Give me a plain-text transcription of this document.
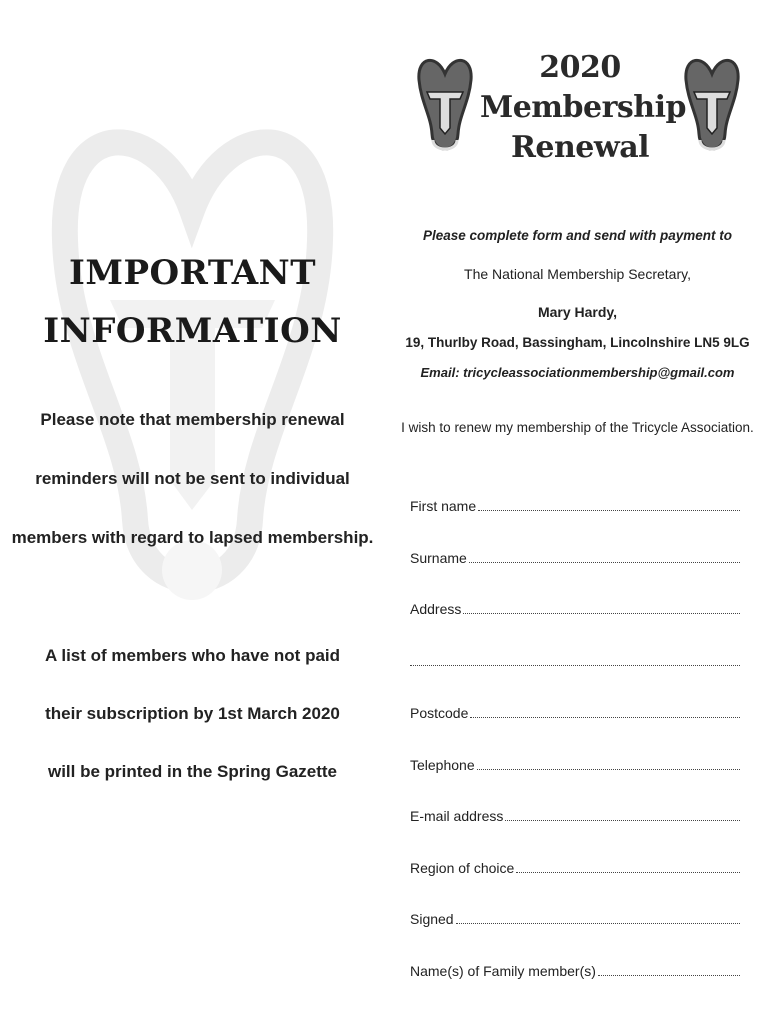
IMPORTANT
INFORMATION
Please note that membership renewal
reminders will not be sent to individual
members with regard to lapsed membership.
A list of members who have not paid
their subscription by 1st March 2020
will be printed in the Spring Gazette
2020
Membership
Renewal
Please complete form and send with payment to
The National Membership Secretary,
Mary Hardy,
19, Thurlby Road, Bassingham, Lincolnshire LN5 9LG
Email: tricycleassociationmembership@gmail.com
I wish to renew my membership of the Tricycle Association.
First name
Surname
Address
Postcode
Telephone
E-mail address
Region of choice
Signed
Name(s) of Family member(s)
